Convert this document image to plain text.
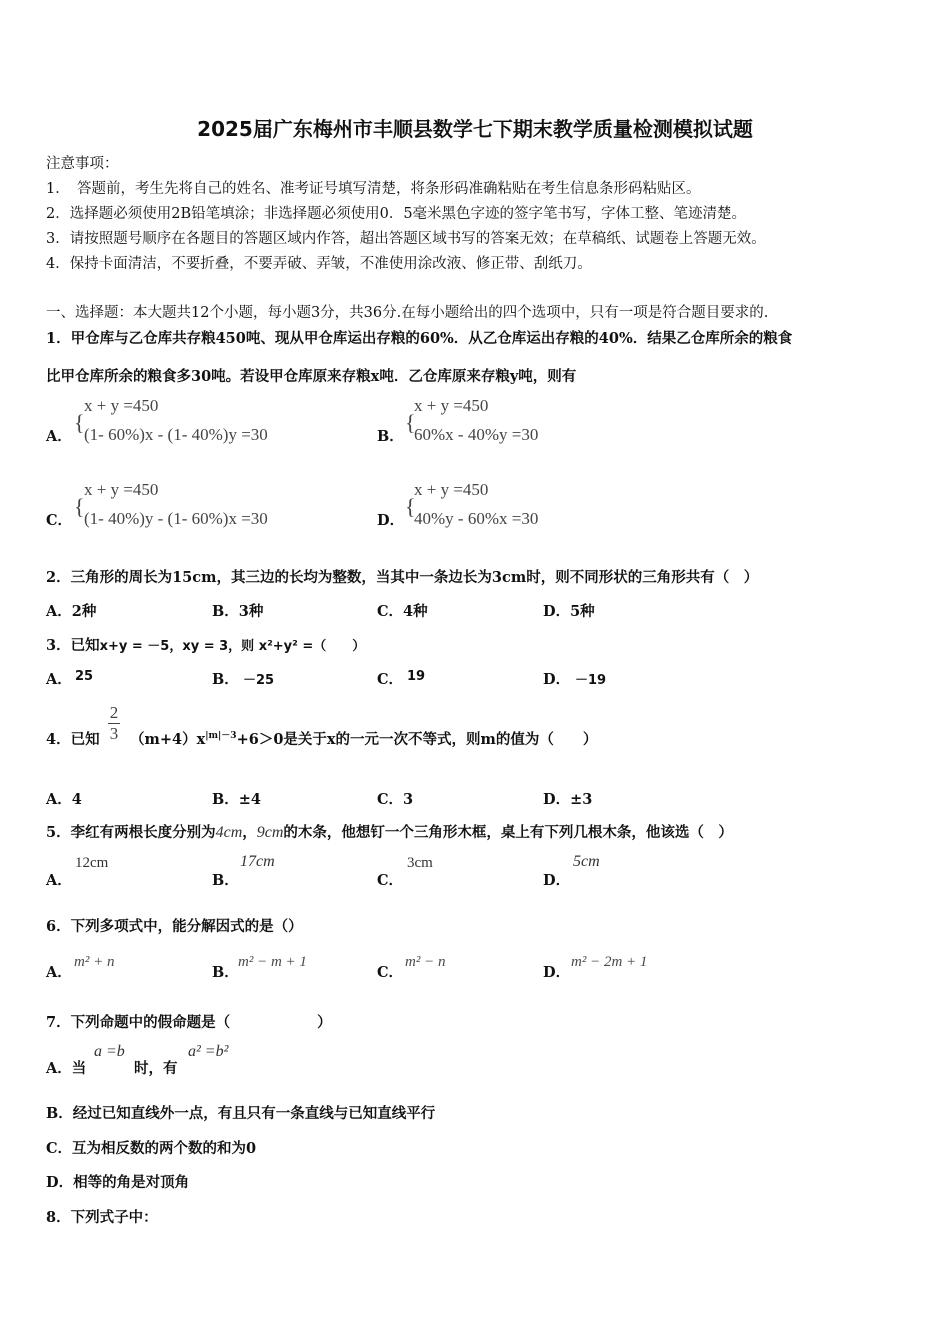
2025届广东梅州市丰顺县数学七下期末教学质量检测模拟试题
注意事项：
1．　答题前，考生先将自己的姓名、准考证号填写清楚，将条形码准确粘贴在考生信息条形码粘贴区。
2．选择题必须使用2B铅笔填涂；非选择题必须使用0．5毫米黑色字迹的签字笔书写，字体工整、笔迹清楚。
3．请按照题号顺序在各题目的答题区域内作答，超出答题区域书写的答案无效；在草稿纸、试题卷上答题无效。
4．保持卡面清洁，不要折叠，不要弄破、弄皱，不准使用涂改液、修正带、刮纸刀。
一、选择题：本大题共12个小题，每小题3分，共36分.在每小题给出的四个选项中，只有一项是符合题目要求的.
1．甲仓库与乙仓库共存粮450吨、现从甲仓库运出存粮的60%．从乙仓库运出存粮的40%．结果乙仓库所余的粮食
比甲仓库所余的粮食多30吨。若设甲仓库原来存粮x吨．乙仓库原来存粮y吨，则有
A．
{
x + y =450
(1- 60%)x - (1- 40%)y =30	B．
{
x + y =450
60%x - 40%y =30
C．
{
x + y =450
(1- 40%)y - (1- 60%)x =30	D．
{
x + y =450
40%y - 60%x =30
2．三角形的周长为15cm，其三边的长均为整数，当其中一条边长为3cm时，则不同形状的三角形共有（　）
A．2种	B．3种	C．4种	D．5种
3．已知x+y = －5，xy = 3，则 x²+y² =（　　）
A． 25	B． －25	C． 19	D． －19
4．已知
2
3 $(m+4)x^{|m|-3}+6>0$是关于x的一元一次不等式，则m的值为（　　）
A．4	B．±4	C．3	D．±3
5．李红有两根长度分别为4cm，9cm的木条，他想钉一个三角形木框，桌上有下列几根木条，他该选（　）
A．
12cm
B．
17cm
C．
3cm
D．
5cm
6．下列多项式中，能分解因式的是（）
A．
m² + n
B．
m² − m + 1
C．
m² − n
D．
m² − 2m + 1
7．下列命题中的假命题是（　　　　　　）
A．当
a =b
时，有
a² =b²
B．经过已知直线外一点，有且只有一条直线与已知直线平行
C．互为相反数的两个数的和为0
D．相等的角是对顶角
8．下列式子中：
